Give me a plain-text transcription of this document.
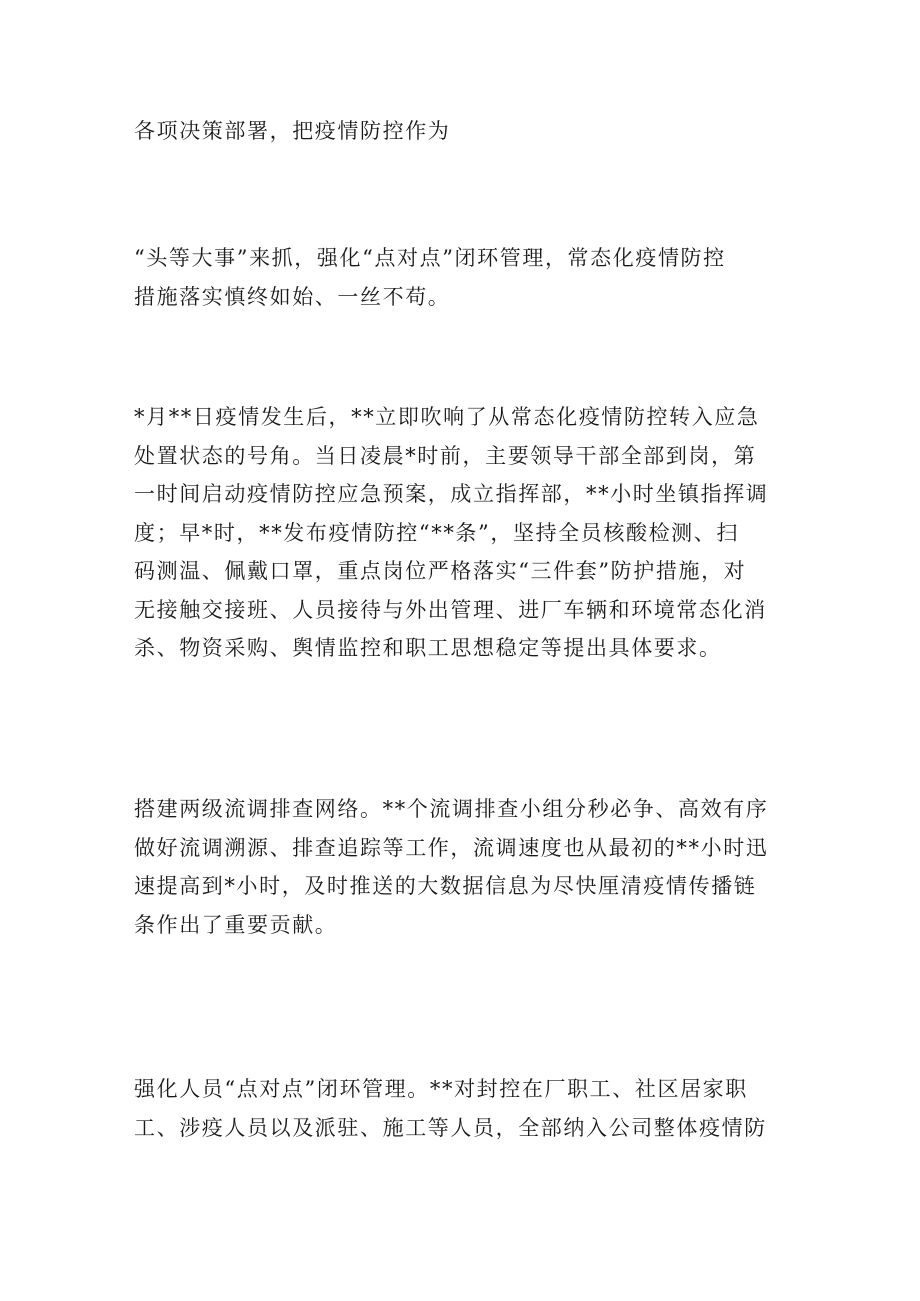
各项决策部署，把疫情防控作为

“头等大事”来抓，强化“点对点”闭环管理，常态化疫情防控
措施落实慎终如始、一丝不苟。

*月**日疫情发生后，**立即吹响了从常态化疫情防控转入应急
处置状态的号角。当日凌晨*时前，主要领导干部全部到岗，第
一时间启动疫情防控应急预案，成立指挥部，**小时坐镇指挥调
度；早*时，**发布疫情防控“**条”，坚持全员核酸检测、扫
码测温、佩戴口罩，重点岗位严格落实“三件套”防护措施，对
无接触交接班、人员接待与外出管理、进厂车辆和环境常态化消
杀、物资采购、舆情监控和职工思想稳定等提出具体要求。

搭建两级流调排查网络。**个流调排查小组分秒必争、高效有序
做好流调溯源、排查追踪等工作，流调速度也从最初的**小时迅
速提高到*小时，及时推送的大数据信息为尽快厘清疫情传播链
条作出了重要贡献。

强化人员“点对点”闭环管理。**对封控在厂职工、社区居家职
工、涉疫人员以及派驻、施工等人员，全部纳入公司整体疫情防
